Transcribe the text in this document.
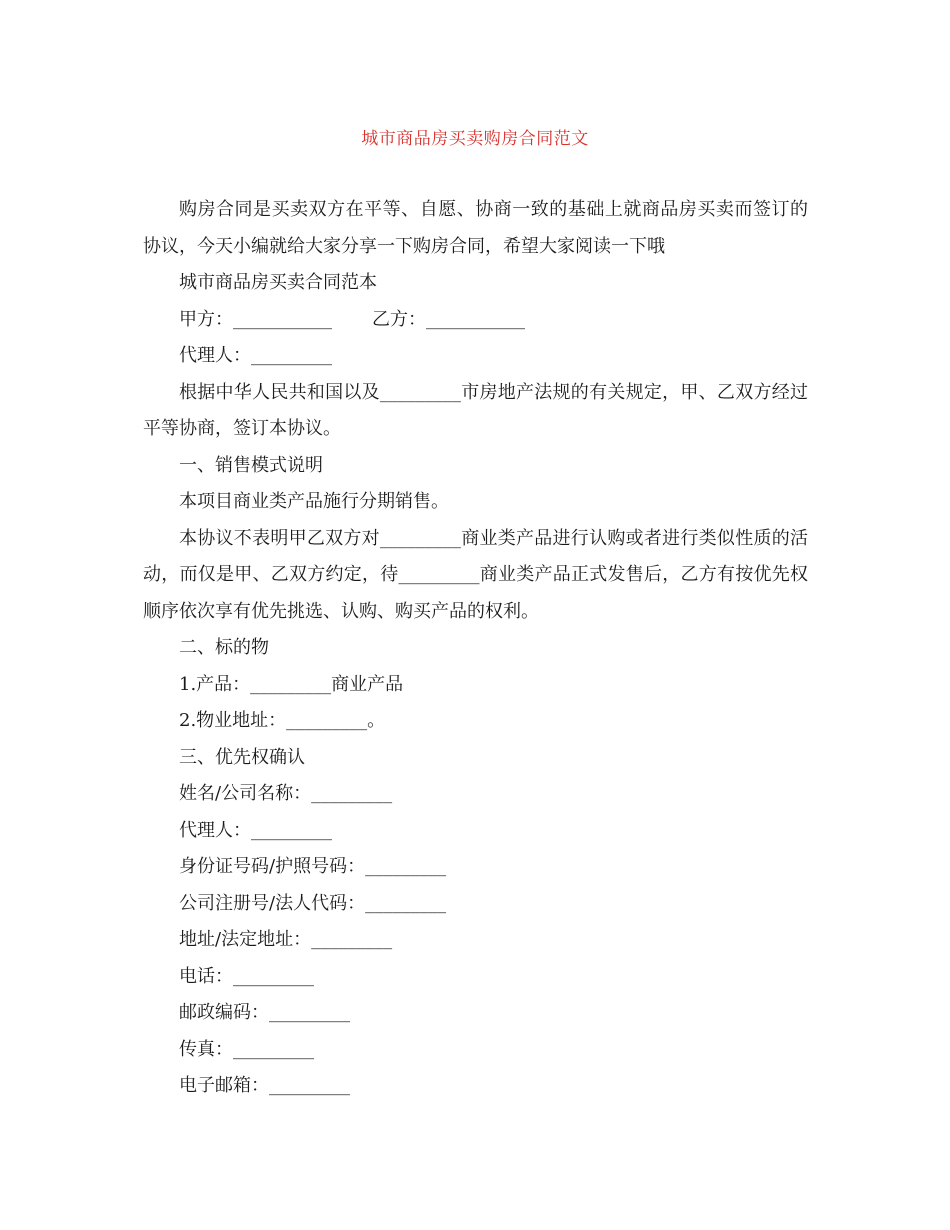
城市商品房买卖购房合同范文

购房合同是买卖双方在平等、自愿、协商一致的基础上就商品房买卖而签订的协议，今天小编就给大家分享一下购房合同，希望大家阅读一下哦

城市商品房买卖合同范本

甲方：___________ 乙方：___________

代理人：_________

根据中华人民共和国以及_________市房地产法规的有关规定，甲、乙双方经过平等协商，签订本协议。

一、销售模式说明

本项目商业类产品施行分期销售。

本协议不表明甲乙双方对_________商业类产品进行认购或者进行类似性质的活动，而仅是甲、乙双方约定，待_________商业类产品正式发售后，乙方有按优先权顺序依次享有优先挑选、认购、购买产品的权利。

二、标的物

1.产品：_________商业产品

2.物业地址：_________。

三、优先权确认

姓名/公司名称：_________

代理人：_________

身份证号码/护照号码：_________

公司注册号/法人代码：_________

地址/法定地址：_________

电话：_________

邮政编码：_________

传真：_________

电子邮箱：_________
